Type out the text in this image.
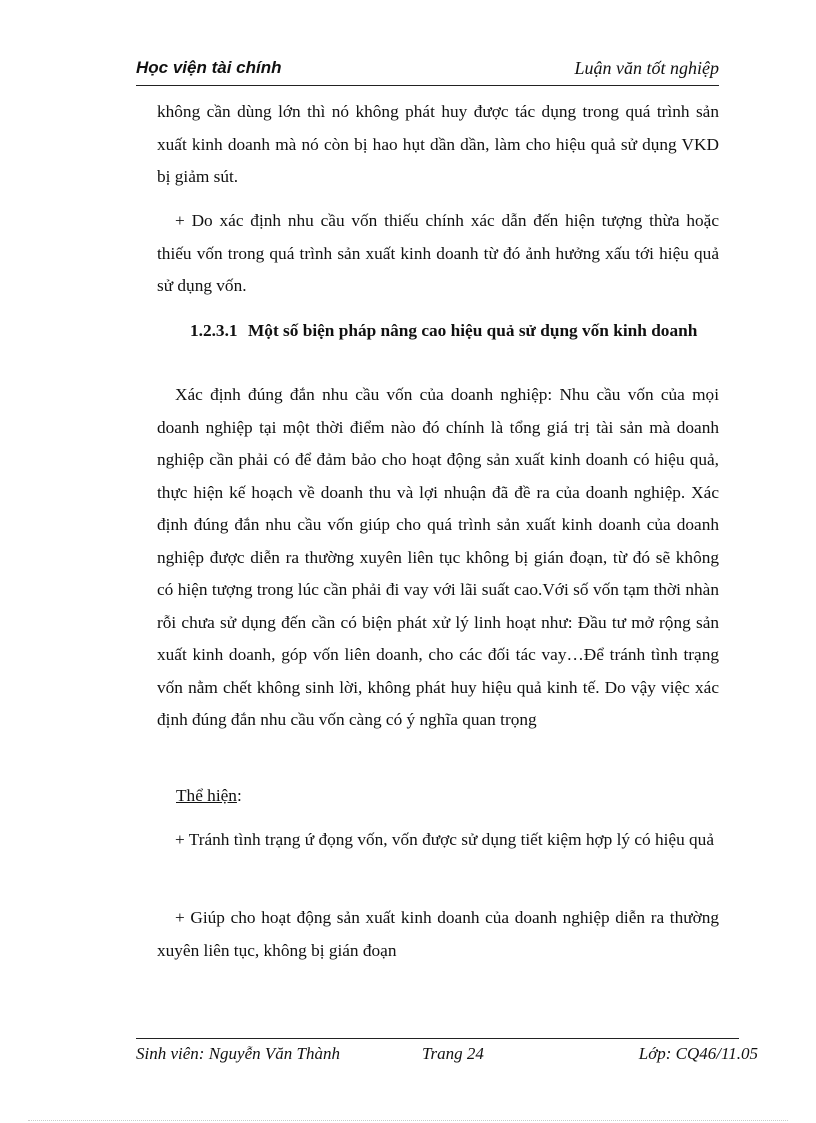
Học viện tài chính	Luận văn tốt nghiệp

không cần dùng lớn thì nó không phát huy được tác dụng trong quá trình sản xuất kinh doanh mà nó còn bị hao hụt dần dần, làm cho hiệu quả sử dụng VKD bị giảm sút.

+ Do xác định nhu cầu vốn thiếu chính xác dẫn đến hiện tượng thừa hoặc thiếu vốn trong quá trình sản xuất kinh doanh từ đó ảnh hưởng xấu tới hiệu quả sử dụng vốn.

1.2.3.1 Một số biện pháp nâng cao hiệu quả sử dụng vốn kinh doanh

Xác định đúng đắn nhu cầu vốn của doanh nghiệp: Nhu cầu vốn của mọi doanh nghiệp tại một thời điểm nào đó chính là tổng giá trị tài sản mà doanh nghiệp cần phải có để đảm bảo cho hoạt động sản xuất kinh doanh có hiệu quả, thực hiện kế hoạch về doanh thu và lợi nhuận đã đề ra của doanh nghiệp. Xác định đúng đắn nhu cầu vốn giúp cho quá trình sản xuất kinh doanh của doanh nghiệp được diễn ra thường xuyên liên tục không bị gián đoạn, từ đó sẽ không có hiện tượng trong lúc cần phải đi vay với lãi suất cao.Với số vốn tạm thời nhàn rỗi chưa sử dụng đến cần có biện phát xử lý linh hoạt như: Đầu tư mở rộng sản xuất kinh doanh, góp vốn liên doanh, cho các đối tác vay…Để tránh tình trạng vốn nằm chết không sinh lời, không phát huy hiệu quả kinh tế. Do vậy việc xác định đúng đắn nhu cầu vốn càng có ý nghĩa quan trọng

Thể hiện:

+ Tránh tình trạng ứ đọng vốn, vốn được sử dụng tiết kiệm hợp lý có hiệu quả

+ Giúp cho hoạt động sản xuất kinh doanh của doanh nghiệp diễn ra thường xuyên liên tục, không bị gián đoạn

Sinh viên: Nguyễn Văn Thành	Trang 24	Lớp: CQ46/11.05
